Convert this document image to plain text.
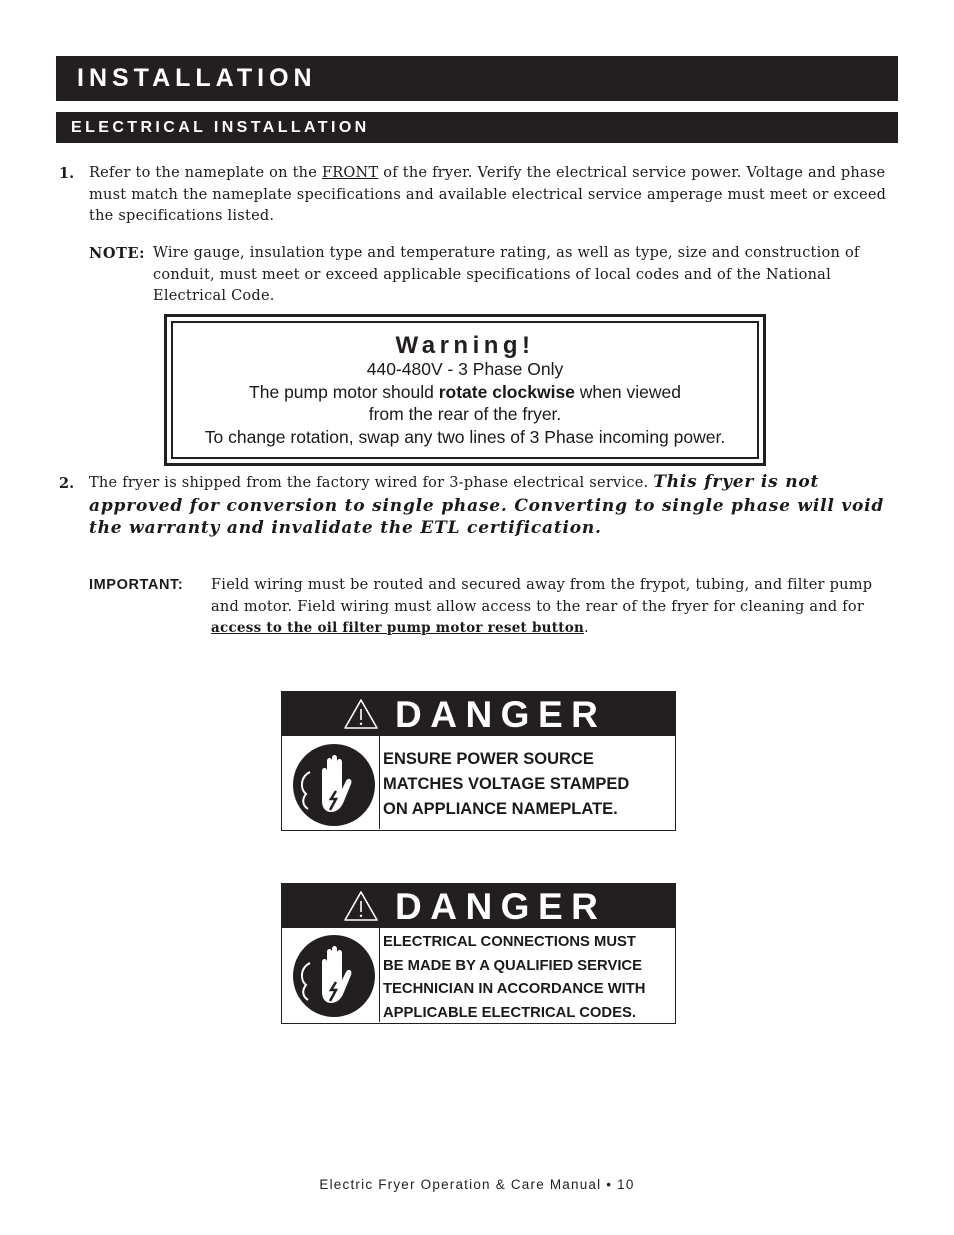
INSTALLATION
ELECTRICAL INSTALLATION
1. Refer to the nameplate on the FRONT of the fryer. Verify the electrical service power. Voltage and phase must match the nameplate specifications and available electrical service amperage must meet or exceed the specifications listed.
NOTE: Wire gauge, insulation type and temperature rating, as well as type, size and construction of conduit, must meet or exceed applicable specifications of local codes and of the National Electrical Code.
Warning!
440-480V - 3 Phase Only
The pump motor should rotate clockwise when viewed
from the rear of the fryer.
To change rotation, swap any two lines of 3 Phase incoming power.
2. The fryer is shipped from the factory wired for 3-phase electrical service. This fryer is not approved for conversion to single phase. Converting to single phase will void the warranty and invalidate the ETL certification.
IMPORTANT: Field wiring must be routed and secured away from the frypot, tubing, and filter pump and motor. Field wiring must allow access to the rear of the fryer for cleaning and for access to the oil filter pump motor reset button.
DANGER
ENSURE POWER SOURCE
MATCHES VOLTAGE STAMPED
ON APPLIANCE NAMEPLATE.
DANGER
ELECTRICAL CONNECTIONS MUST
BE MADE BY A QUALIFIED SERVICE
TECHNICIAN IN ACCORDANCE WITH
APPLICABLE ELECTRICAL CODES.
Electric Fryer Operation & Care Manual • 10
